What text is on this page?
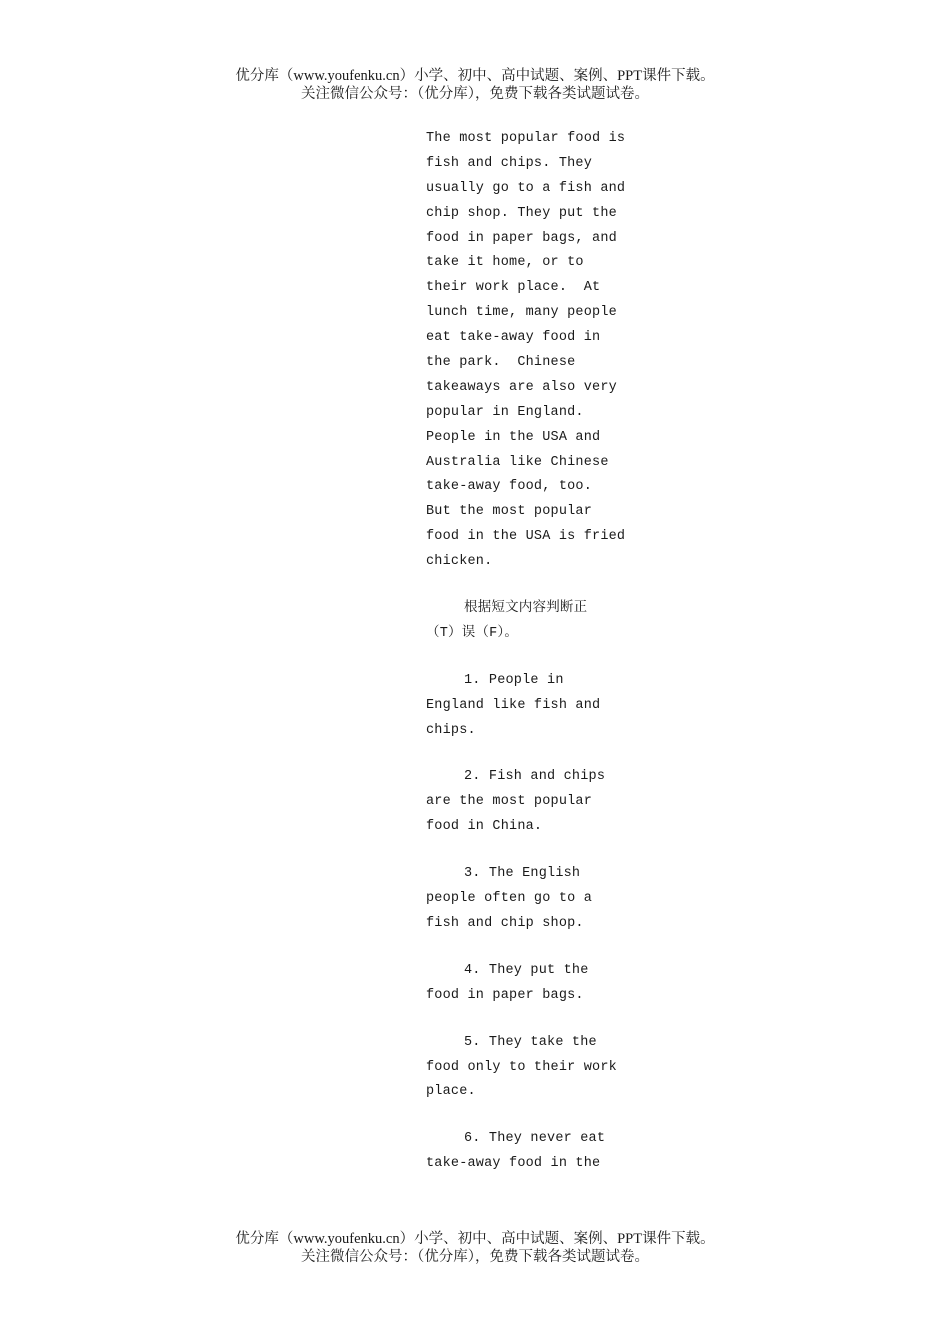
优分库（www.youfenku.cn）小学、初中、高中试题、案例、PPT课件下载。
关注微信公众号：（优分库），免费下载各类试题试卷。
The most popular food is
fish and chips. They
usually go to a fish and
chip shop. They put the
food in paper bags, and
take it home, or to
their work place.  At
lunch time, many people
eat take-away food in
the park.  Chinese
takeaways are also very
popular in England.
People in the USA and
Australia like Chinese
take-away food, too.
But the most popular
food in the USA is fried
chicken.
根据短文内容判断正
（T）误（F）。
1. People in
England like fish and
chips.
2. Fish and chips
are the most popular
food in China.
3. The English
people often go to a
fish and chip shop.
4. They put the
food in paper bags.
5. They take the
food only to their work
place.
6. They never eat
take-away food in the
优分库（www.youfenku.cn）小学、初中、高中试题、案例、PPT课件下载。
关注微信公众号：（优分库），免费下载各类试题试卷。
